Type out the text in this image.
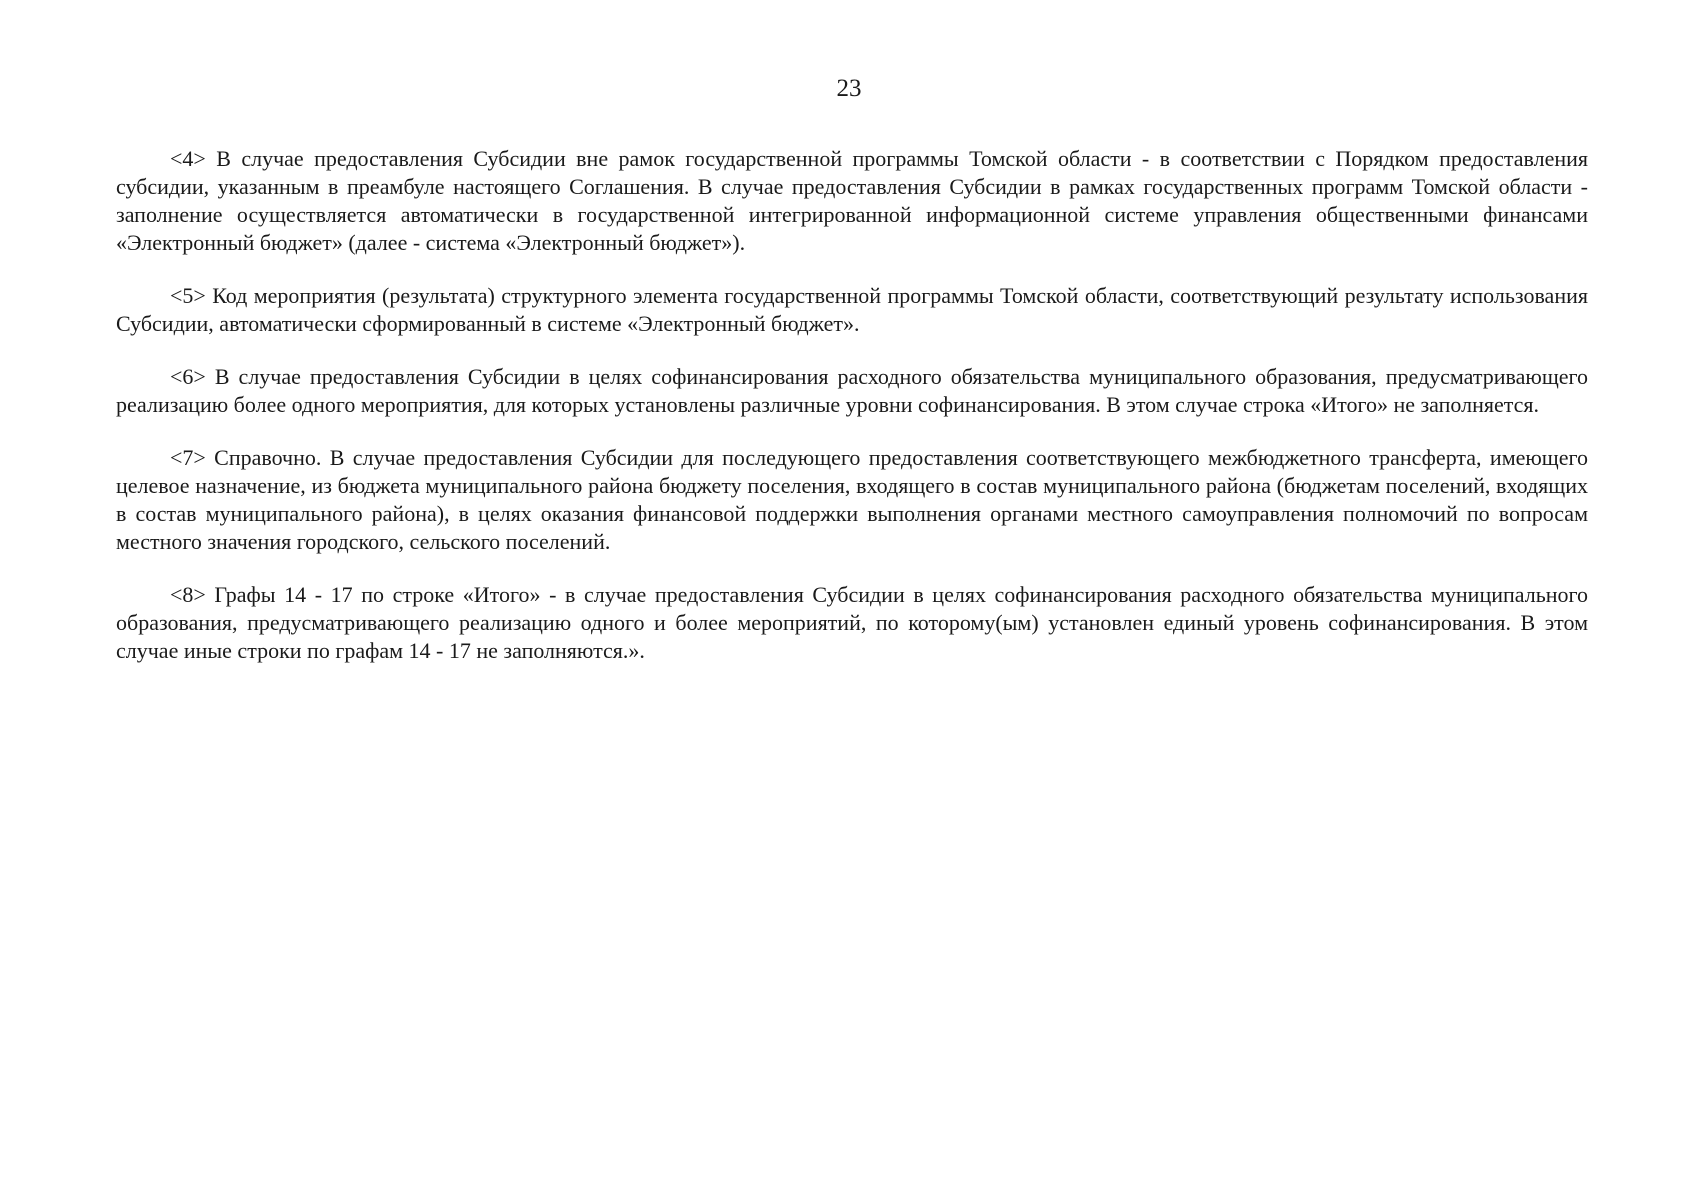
23

<4> В случае предоставления Субсидии вне рамок государственной программы Томской области - в соответствии с Порядком предоставления субсидии, указанным в преамбуле настоящего Соглашения. В случае предоставления Субсидии в рамках государственных программ Томской области - заполнение осуществляется автоматически в государственной интегрированной информационной системе управления общественными финансами «Электронный бюджет» (далее - система «Электронный бюджет»).

<5> Код мероприятия (результата) структурного элемента государственной программы Томской области, соответствующий результату использования Субсидии, автоматически сформированный в системе «Электронный бюджет».

<6> В случае предоставления Субсидии в целях софинансирования расходного обязательства муниципального образования, предусматривающего реализацию более одного мероприятия, для которых установлены различные уровни софинансирования. В этом случае строка «Итого» не заполняется.

<7> Справочно. В случае предоставления Субсидии для последующего предоставления соответствующего межбюджетного трансферта, имеющего целевое назначение, из бюджета муниципального района бюджету поселения, входящего в состав муниципального района (бюджетам поселений, входящих в состав муниципального района), в целях оказания финансовой поддержки выполнения органами местного самоуправления полномочий по вопросам местного значения городского, сельского поселений.

<8> Графы 14 - 17 по строке «Итого» - в случае предоставления Субсидии в целях софинансирования расходного обязательства муниципального образования, предусматривающего реализацию одного и более мероприятий, по которому(ым) установлен единый уровень софинансирования. В этом случае иные строки по графам 14 - 17 не заполняются.».
